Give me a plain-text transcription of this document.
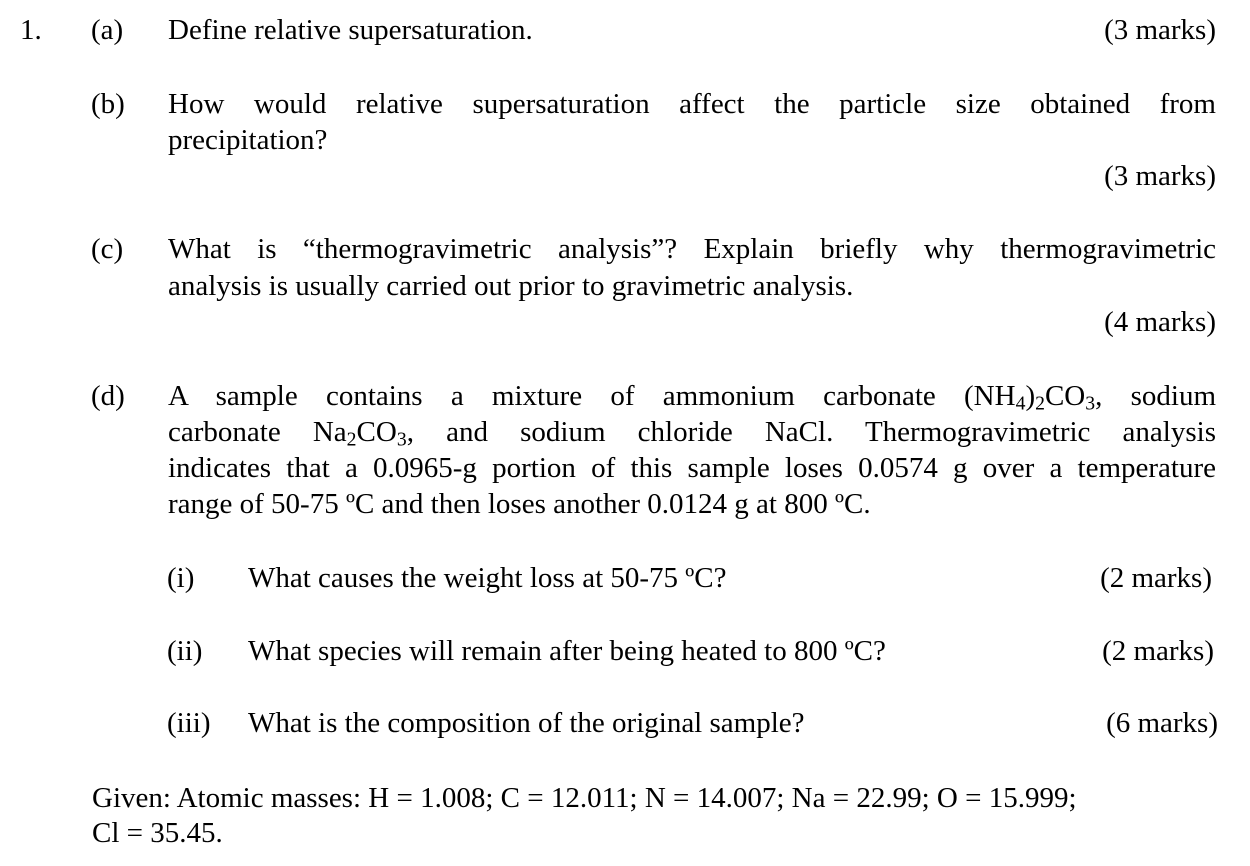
1. (a) Define relative supersaturation.	(3 marks)
(b) How would relative supersaturation affect the particle size obtained from
precipitation?
(3 marks)
(c) What is “thermogravimetric analysis”? Explain briefly why thermogravimetric
analysis is usually carried out prior to gravimetric analysis.
(4 marks)
(d) A sample contains a mixture of ammonium carbonate $(NH_4)_2CO_3$, sodium
carbonate $Na_2CO_3$, and sodium chloride NaCl. Thermogravimetric analysis
indicates that a 0.0965-g portion of this sample loses 0.0574 g over a temperature
range of 50-75 ºC and then loses another 0.0124 g at 800 ºC.
(i) What causes the weight loss at 50-75 ºC?	(2 marks)
(ii) What species will remain after being heated to 800 ºC?	(2 marks)
(iii) What is the composition of the original sample?	(6 marks)
Given: Atomic masses: H = 1.008; C = 12.011; N = 14.007; Na = 22.99; O = 15.999;
Cl = 35.45.
